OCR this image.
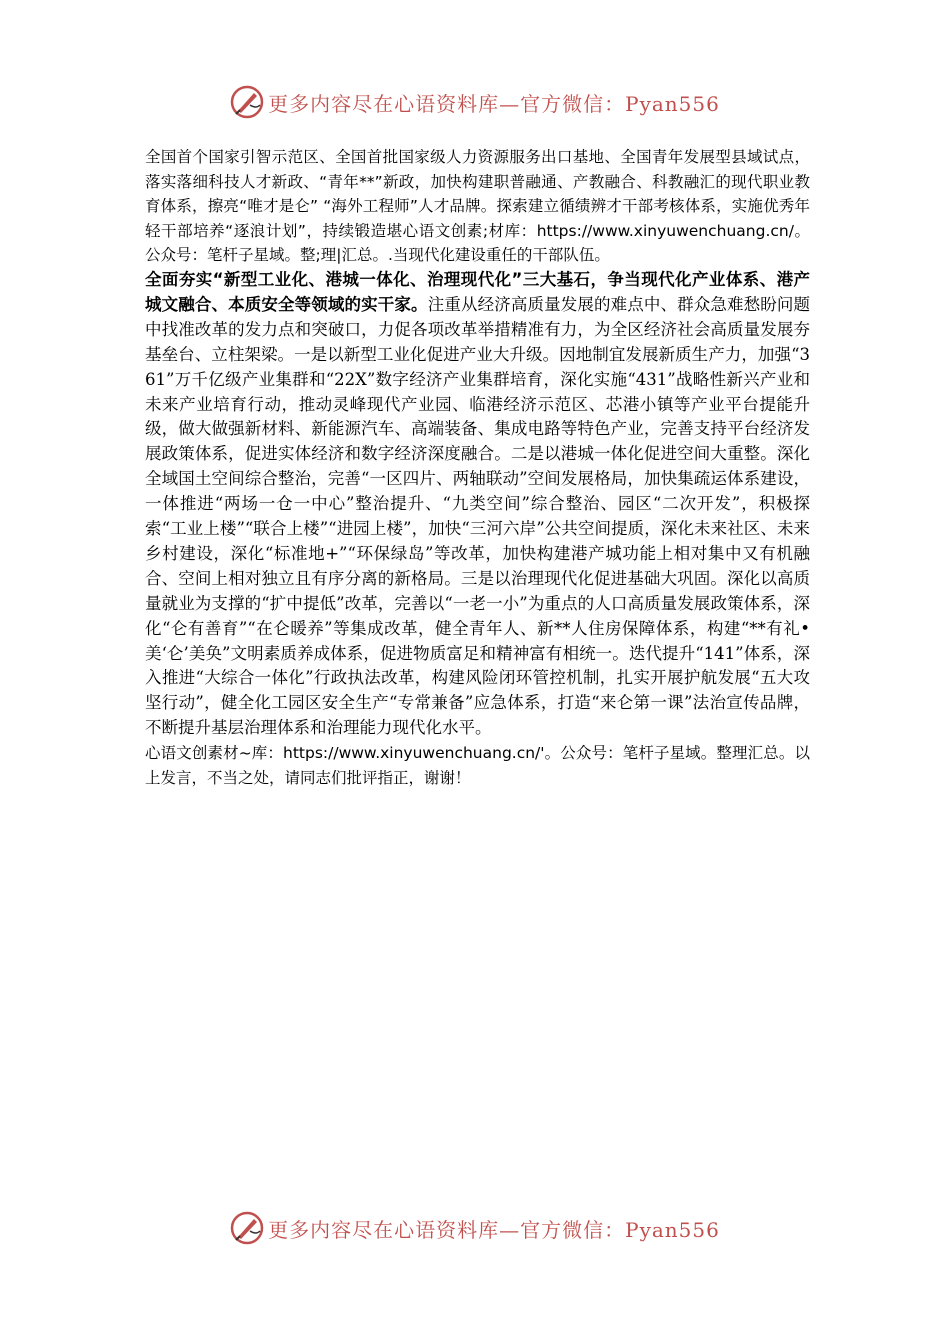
更多内容尽在心语资料库—官方微信：Pyan556

全国首个国家引智示范区、全国首批国家级人力资源服务出口基地、全国青年发展型县域试点，落实落细科技人才新政、“青年**”新政，加快构建职普融通、产教融合、科教融汇的现代职业教育体系，擦亮“唯才是仑” “海外工程师”人才品牌。探索建立循绩辨才干部考核体系，实施优秀年轻干部培养“逐浪计划”，持续锻造堪心语文创素;材库：https://www.xinyuwenchuang.cn/。公众号：笔杆子星域。整;理|汇总。.当现代化建设重任的干部队伍。

全面夯实“新型工业化、港城一体化、治理现代化”三大基石，争当现代化产业体系、港产城文融合、本质安全等领域的实干家。注重从经济高质量发展的难点中、群众急难愁盼问题中找准改革的发力点和突破口，力促各项改革举措精准有力，为全区经济社会高质量发展夯基垒台、立柱架梁。一是以新型工业化促进产业大升级。因地制宜发展新质生产力，加强“361”万千亿级产业集群和“22X”数字经济产业集群培育，深化实施“431”战略性新兴产业和未来产业培育行动，推动灵峰现代产业园、临港经济示范区、芯港小镇等产业平台提能升级，做大做强新材料、新能源汽车、高端装备、集成电路等特色产业，完善支持平台经济发展政策体系，促进实体经济和数字经济深度融合。二是以港城一体化促进空间大重整。深化全域国土空间综合整治，完善“一区四片、两轴联动”空间发展格局，加快集疏运体系建设，一体推进“两场一仓一中心”整治提升、“九类空间”综合整治、园区“二次开发”，积极探索“工业上楼”“联合上楼”“进园上楼”，加快“三河六岸”公共空间提质，深化未来社区、未来乡村建设，深化“标准地+”“环保绿岛”等改革，加快构建港产城功能上相对集中又有机融合、空间上相对独立且有序分离的新格局。三是以治理现代化促进基础大巩固。深化以高质量就业为支撑的“扩中提低”改革，完善以“一老一小”为重点的人口高质量发展政策体系，深化“仑有善育”“在仑暖养”等集成改革，健全青年人、新**人住房保障体系，构建“**有礼•美‘仑’美奂”文明素质养成体系，促进物质富足和精神富有相统一。迭代提升“141”体系，深入推进“大综合一体化”行政执法改革，构建风险闭环管控机制，扎实开展护航发展“五大攻坚行动”，健全化工园区安全生产“专常兼备”应急体系，打造“来仑第一课”法治宣传品牌，不断提升基层治理体系和治理能力现代化水平。

心语文创素材~库：https://www.xinyuwenchuang.cn/'。公众号：笔杆子星域。整理汇总。以上发言，不当之处，请同志们批评指正，谢谢！

更多内容尽在心语资料库—官方微信：Pyan556
